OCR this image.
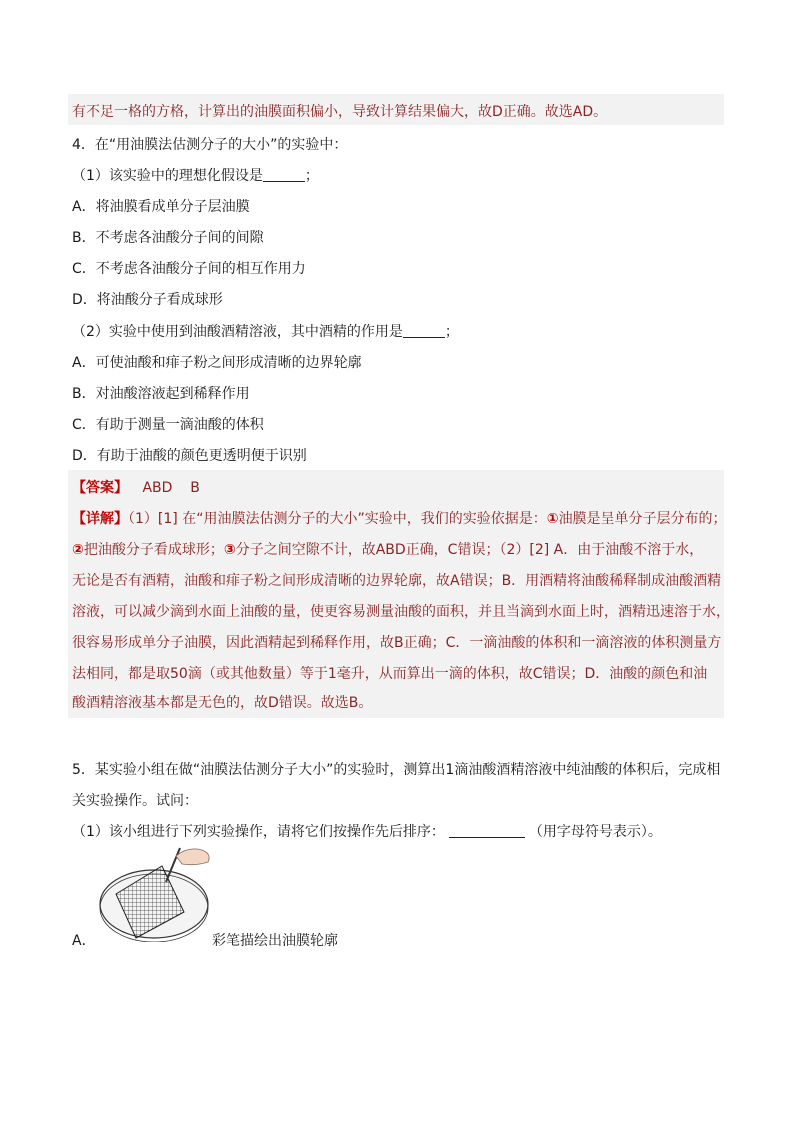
有不足一格的方格，计算出的油膜面积偏小，导致计算结果偏大，故D正确。故选AD。
4．在“用油膜法估测分子的大小”的实验中：
（1）该实验中的理想化假设是	；
A．将油膜看成单分子层油膜
B．不考虑各油酸分子间的间隙
C．不考虑各油酸分子间的相互作用力
D．将油酸分子看成球形
（2）实验中使用到油酸酒精溶液，其中酒精的作用是	；
A．可使油酸和痱子粉之间形成清晰的边界轮廓
B．对油酸溶液起到稀释作用
C．有助于测量一滴油酸的体积
D．有助于油酸的颜色更透明便于识别
【答案】 ABD    B
【详解】（1）[1] 在“用油膜法估测分子的大小”实验中，我们的实验依据是：①油膜是呈单分子层分布的；
②把油酸分子看成球形；③分子之间空隙不计，故ABD正确，C错误；（2）[2] A．由于油酸不溶于水，
无论是否有酒精，油酸和痱子粉之间形成清晰的边界轮廓，故A错误；B．用酒精将油酸稀释制成油酸酒精
溶液，可以减少滴到水面上油酸的量，使更容易测量油酸的面积，并且当滴到水面上时，酒精迅速溶于水，
很容易形成单分子油膜，因此酒精起到稀释作用，故B正确；C．一滴油酸的体积和一滴溶液的体积测量方
法相同，都是取50滴（或其他数量）等于1毫升，从而算出一滴的体积，故C错误；D．油酸的颜色和油
酸酒精溶液基本都是无色的，故D错误。故选B。
5．某实验小组在做“油膜法估测分子大小”的实验时，测算出1滴油酸酒精溶液中纯油酸的体积后，完成相
关实验操作。试问：
（1）该小组进行下列实验操作，请将它们按操作先后排序：	（用字母符号表示）。
A．	彩笔描绘出油膜轮廓
